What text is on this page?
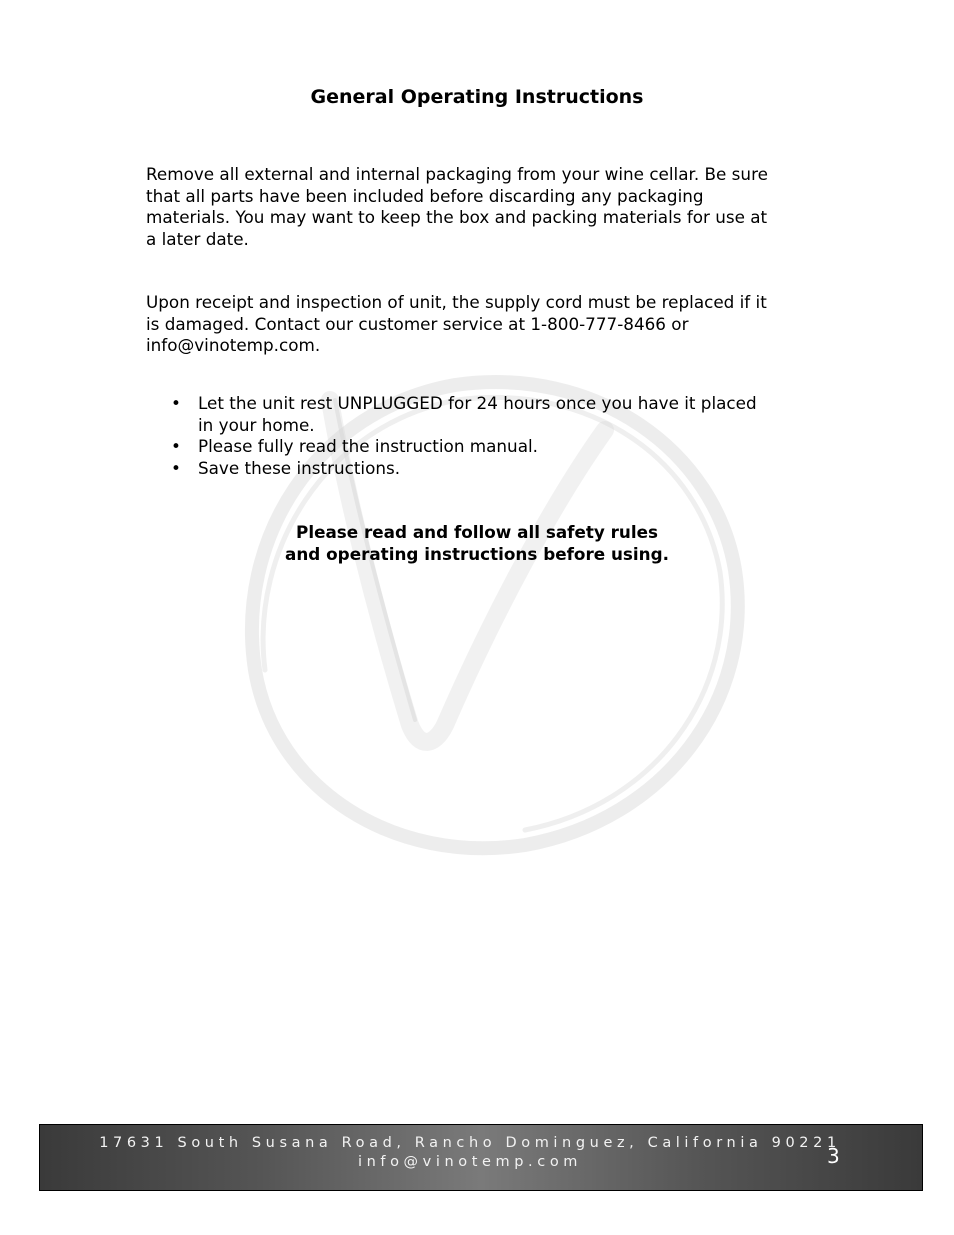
General Operating Instructions
Remove all external and internal packaging from your wine cellar. Be sure
that all parts have been included before discarding any packaging
materials. You may want to keep the box and packing materials for use at
a later date.
Upon receipt and inspection of unit, the supply cord must be replaced if it
is damaged. Contact our customer service at 1-800-777-8466 or
info@vinotemp.com.
• Let the unit rest UNPLUGGED for 24 hours once you have it placed
in your home.
• Please fully read the instruction manual.
• Save these instructions.
Please read and follow all safety rules
and operating instructions before using.
17631 South Susana Road, Rancho Dominguez, California 90221
info@vinotemp.com	3
